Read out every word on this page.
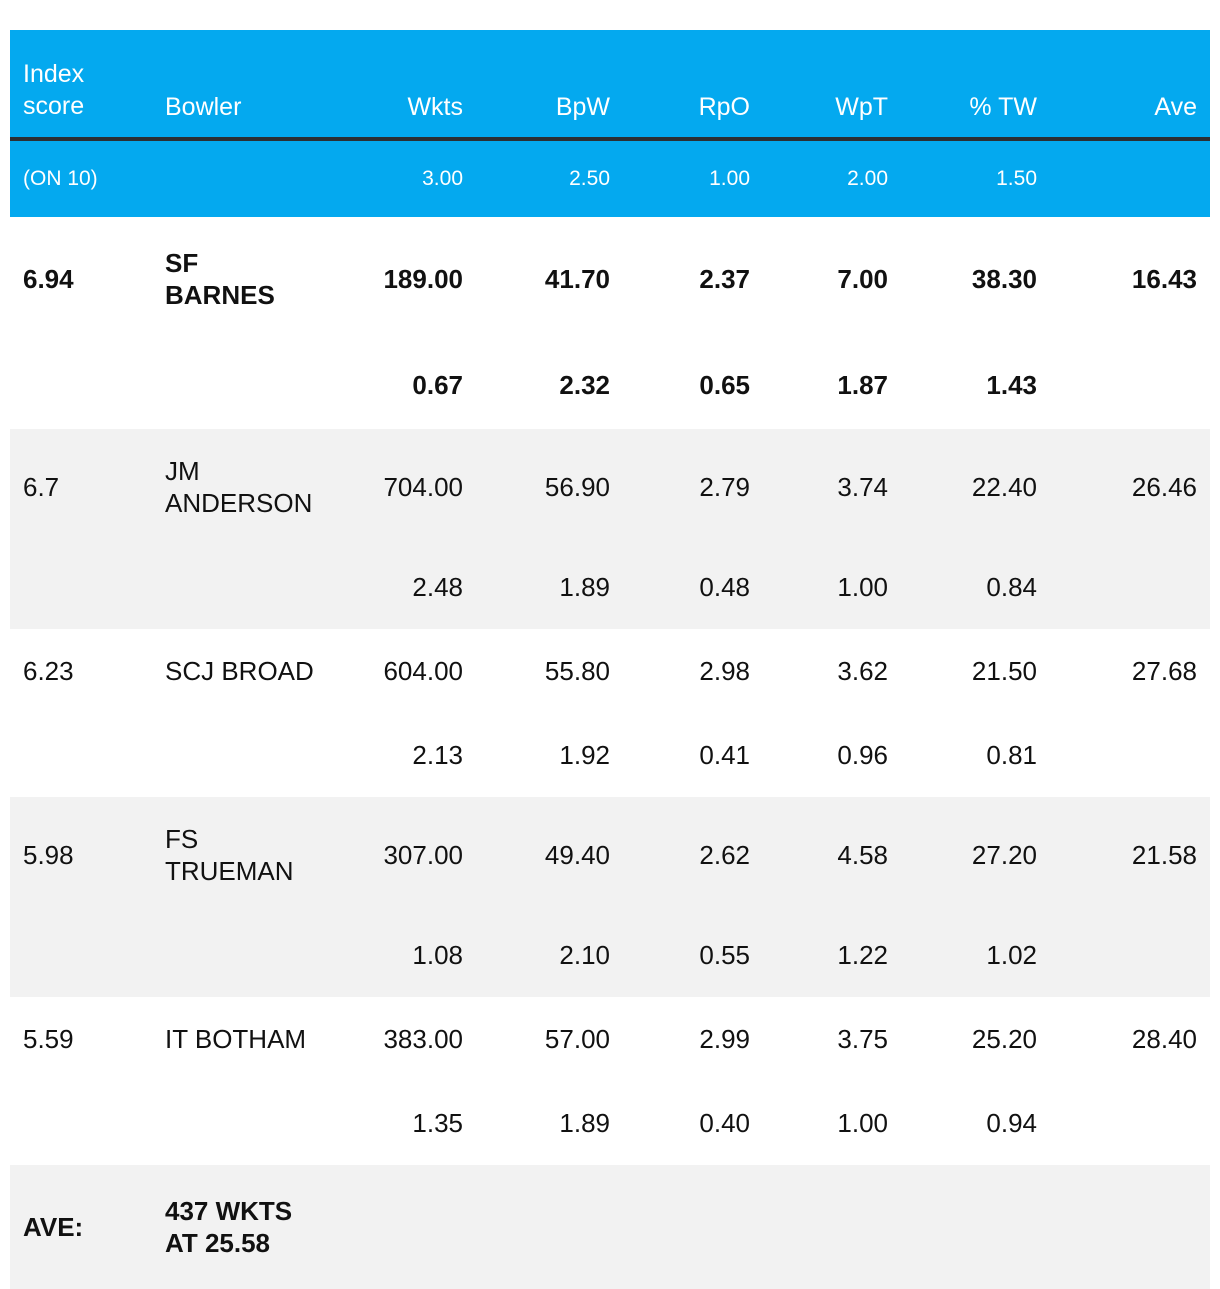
Index
score	Bowler	Wkts	BpW	RpO	WpT	% TW	Ave
(ON 10)		3.00	2.50	1.00	2.00	1.50	
6.94	SF
BARNES	189.00	41.70	2.37	7.00	38.30	16.43
		0.67	2.32	0.65	1.87	1.43	
6.7	JM
ANDERSON	704.00	56.90	2.79	3.74	22.40	26.46
		2.48	1.89	0.48	1.00	0.84	
6.23	SCJ BROAD	604.00	55.80	2.98	3.62	21.50	27.68
		2.13	1.92	0.41	0.96	0.81	
5.98	FS
TRUEMAN	307.00	49.40	2.62	4.58	27.20	21.58
		1.08	2.10	0.55	1.22	1.02	
5.59	IT BOTHAM	383.00	57.00	2.99	3.75	25.20	28.40
		1.35	1.89	0.40	1.00	0.94	
AVE:	437 WKTS
AT 25.58						
